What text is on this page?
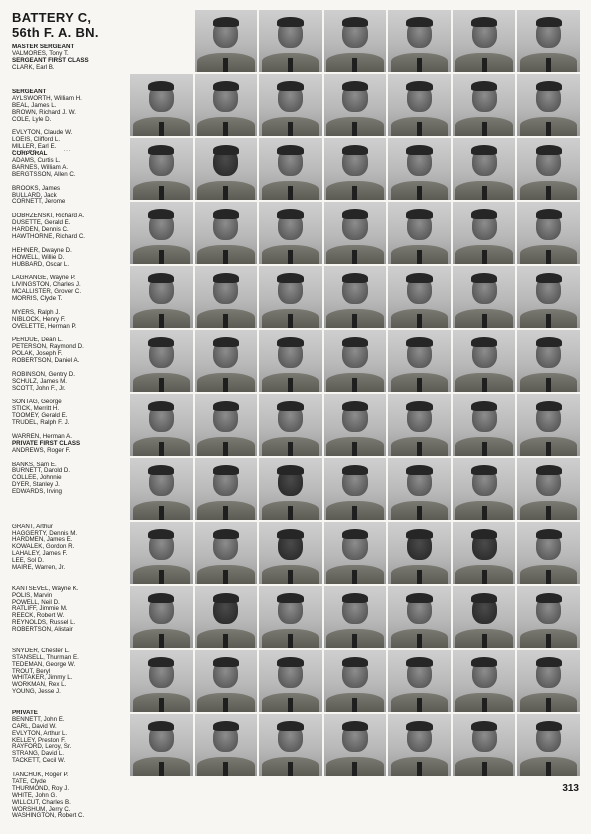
BATTERY C,
56th F. A. BN.
MASTER SERGEANT
VALMORES, Tony T.
SERGEANT FIRST CLASS
CLARK, Earl B.
SERGEANT
AYLSWORTH, William H.
BEAL, James L.
BROWN, Richard J. W.
COLE, Lyle D.

EVLYTON, Claude W.
LOEIS, Clifford L.
MILLER, Earl E.
CORPORAL
ADAMS, Curtis L.
BARNES, William A.
BERGTSSON, Allen C.

BROOKS, James
BULLARD, Jack
CORNETT, Jerome
DOBRZENSKI, Richard A.
DUSETTE, Gerald E.
HARDEN, Dennis C.
HAWTHORNE, Richard C.

HEHNER, Dwayne D.
HOWELL, Willie D.
HUBBARD, Oscar L.
LAGRANGE, Wayne P.
LIVINGSTON, Charles J.
MCALLISTER, Grover C.
MORRIS, Clyde T.

MYERS, Ralph J.
NIBLOCK, Henry F.
OVELETTE, Herman P.
PERDUE, Dean L.
PETERSON, Raymond D.
POLAK, Joseph F.
ROBERTSON, Daniel A.

ROBINSON, Gentry D.
SCHULZ, James M.
SCOTT, John F., Jr.
SONTAG, George
STICK, Merritt H.
TOOMEY, Gerald E.
TRUDEL, Ralph F. J.

WARREN, Herman A.
PRIVATE FIRST CLASS
ANDREWS, Roger F.
BANKS, Sam E.
BURNETT, Darold D.
COLLEE, Johnnie
DYER, Stanley J.
EDWARDS, Irving
GRANT, Arthur
HAGGERTY, Dennis M.
HARDMEN, James E.
KOWALEK, Gordon R.
LAHALEY, James F.
LEE, Sol D.
MAIRE, Warren, Jr.
KANTSEVEL, Wayne K.
POLIS, Marvin
POWELL, Neil D.
RATLIFF, Jimmie M.
REECK, Robert W.
REYNOLDS, Russel L.
ROBERTSON, Alistair
SNYDER, Chester L.
STANSELL, Thurman E.
TEDEMAN, George W.
TROUT, Beryl
WHITAKER, Jimmy L.
WORKMAN, Rex L.
YOUNG, Jesse J.
PRIVATE
BENNETT, John E.
CARL, David W.
EVLYTON, Arthur L.
KELLEY, Preston F.
RAYFORD, Leroy, Sr.
STRANG, David L.
TACKETT, Cecil W.
TANCHUK, Roger P.
TATE, Clyde
THURMOND, Roy J.
WHITE, John G.
WILLCUT, Charles B.
WORSHUM, Jerry C.
WASHINGTON, Robert C.
313
